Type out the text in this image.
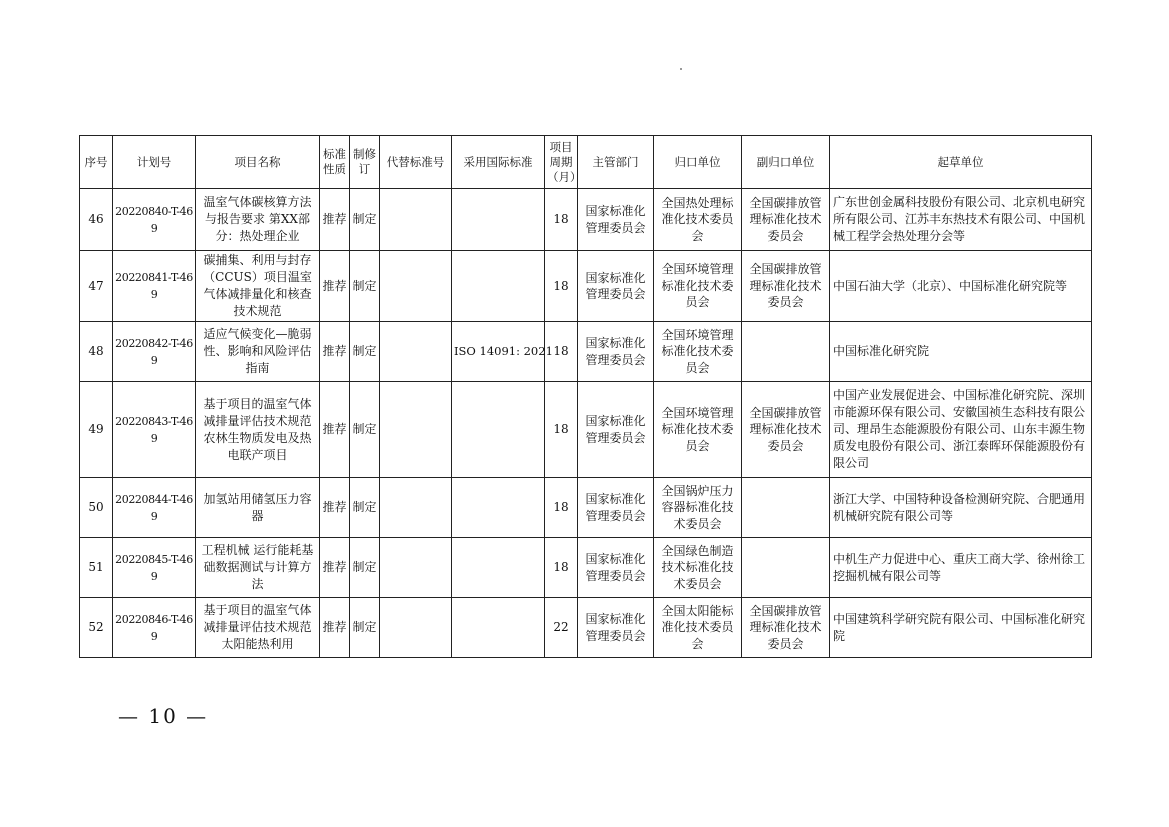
序号	计划号	项目名称	标准性质	制修订	代替标准号	采用国际标准	项目周期（月）	主管部门	归口单位	副归口单位	起草单位
46	20220840-T-469	温室气体碳核算方法与报告要求 第XX部分：热处理企业	推荐	制定			18	国家标准化管理委员会	全国热处理标准化技术委员会	全国碳排放管理标准化技术委员会	广东世创金属科技股份有限公司、北京机电研究所有限公司、江苏丰东热技术有限公司、中国机械工程学会热处理分会等
47	20220841-T-469	碳捕集、利用与封存（CCUS）项目温室气体减排量化和核查技术规范	推荐	制定			18	国家标准化管理委员会	全国环境管理标准化技术委员会	全国碳排放管理标准化技术委员会	中国石油大学（北京）、中国标准化研究院等
48	20220842-T-469	适应气候变化—脆弱性、影响和风险评估指南	推荐	制定		ISO 14091: 2021	18	国家标准化管理委员会	全国环境管理标准化技术委员会		中国标准化研究院
49	20220843-T-469	基于项目的温室气体减排量评估技术规范 农林生物质发电及热电联产项目	推荐	制定			18	国家标准化管理委员会	全国环境管理标准化技术委员会	全国碳排放管理标准化技术委员会	中国产业发展促进会、中国标准化研究院、深圳市能源环保有限公司、安徽国祯生态科技有限公司、理昂生态能源股份有限公司、山东丰源生物质发电股份有限公司、浙江泰晖环保能源股份有限公司
50	20220844-T-469	加氢站用储氢压力容器	推荐	制定			18	国家标准化管理委员会	全国锅炉压力容器标准化技术委员会		浙江大学、中国特种设备检测研究院、合肥通用机械研究院有限公司等
51	20220845-T-469	工程机械 运行能耗基础数据测试与计算方法	推荐	制定			18	国家标准化管理委员会	全国绿色制造技术标准化技术委员会		中机生产力促进中心、重庆工商大学、徐州徐工挖掘机械有限公司等
52	20220846-T-469	基于项目的温室气体减排量评估技术规范 太阳能热利用	推荐	制定			22	国家标准化管理委员会	全国太阳能标准化技术委员会	全国碳排放管理标准化技术委员会	中国建筑科学研究院有限公司、中国标准化研究院
— 10 —
